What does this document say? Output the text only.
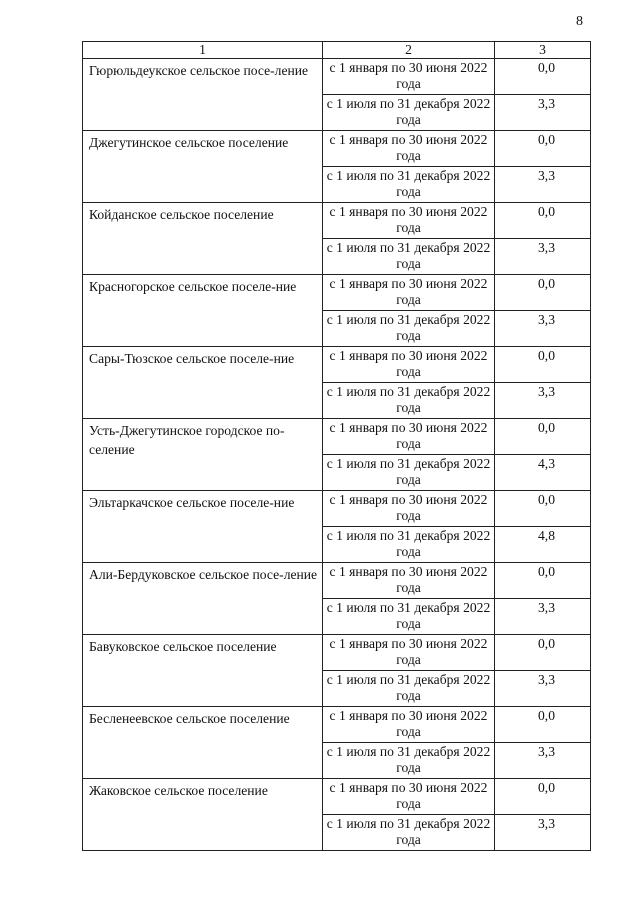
8
1	2	3
Гюрюльдеукское сельское посе-ление	с 1 января по 30 июня 2022 года	0,0
	с 1 июля по 31 декабря 2022 года	3,3
Джегутинское сельское поселение	с 1 января по 30 июня 2022 года	0,0
	с 1 июля по 31 декабря 2022 года	3,3
Койданское сельское поселение	с 1 января по 30 июня 2022 года	0,0
	с 1 июля по 31 декабря 2022 года	3,3
Красногорское сельское поселе-ние	с 1 января по 30 июня 2022 года	0,0
	с 1 июля по 31 декабря 2022 года	3,3
Сары-Тюзское сельское поселе-ние	с 1 января по 30 июня 2022 года	0,0
	с 1 июля по 31 декабря 2022 года	3,3
Усть-Джегутинское городское по-селение	с 1 января по 30 июня 2022 года	0,0
	с 1 июля по 31 декабря 2022 года	4,3
Эльтаркачское сельское поселе-ние	с 1 января по 30 июня 2022 года	0,0
	с 1 июля по 31 декабря 2022 года	4,8
Али-Бердуковское сельское посе-ление	с 1 января по 30 июня 2022 года	0,0
	с 1 июля по 31 декабря 2022 года	3,3
Бавуковское сельское поселение	с 1 января по 30 июня 2022 года	0,0
	с 1 июля по 31 декабря 2022 года	3,3
Бесленеевское сельское поселение	с 1 января по 30 июня 2022 года	0,0
	с 1 июля по 31 декабря 2022 года	3,3
Жаковское сельское поселение	с 1 января по 30 июня 2022 года	0,0
	с 1 июля по 31 декабря 2022 года	3,3
